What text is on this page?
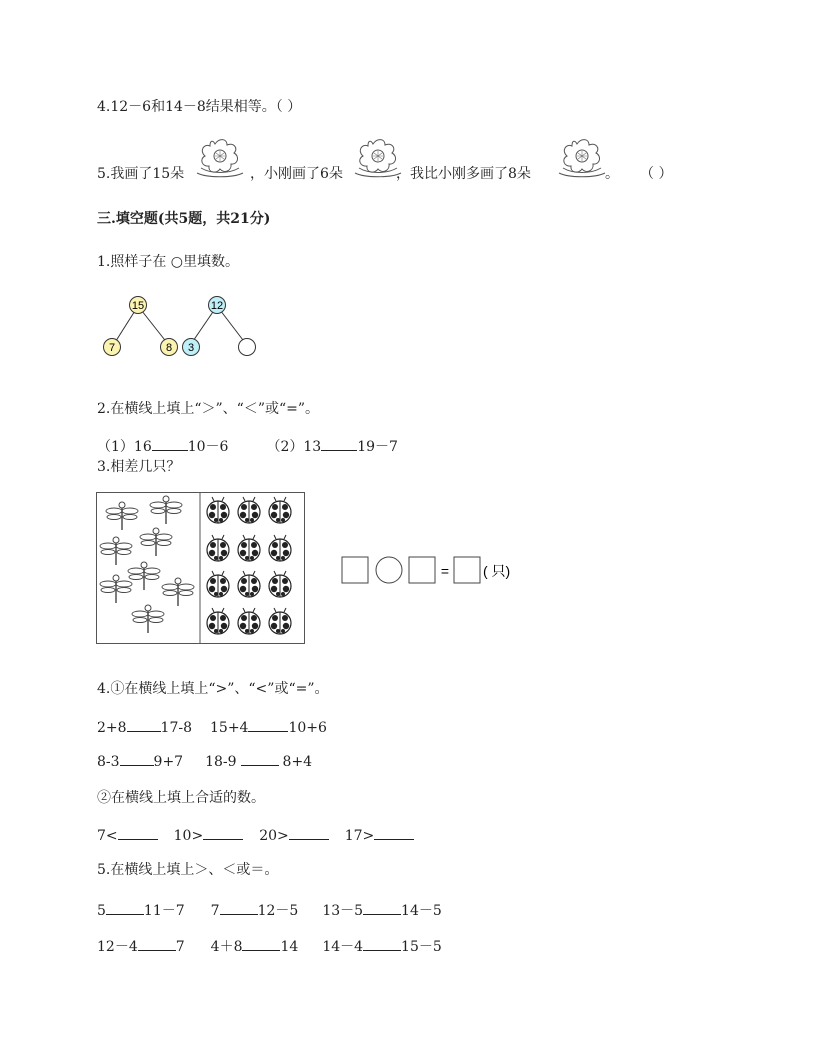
4.12－6和14－8结果相等。（ ）
5.我画了15朵	，小刚画了6朵	，我比小刚多画了8朵	。 （ ）
三.填空题(共5题，共21分)
1.照样子在 ○里填数。
15
7	8
12
3
2.在横线上填上“＞”、“＜”或“=”。
（1）16	10－6	（2）13	19－7
3.相差几只？
= ( 只)
4.①在横线上填上“>”、“<”或“=”。
2+8 17-8 15+4	10+6
8-3 9+7 18-9	8+4
②在横线上填上合适的数。
7<	10>	20>	17>
5.在横线上填上＞、＜或＝。
5	11－7 7	12－5 13－5	14－5
12－4	7 4＋8	14 14－4	15－5
